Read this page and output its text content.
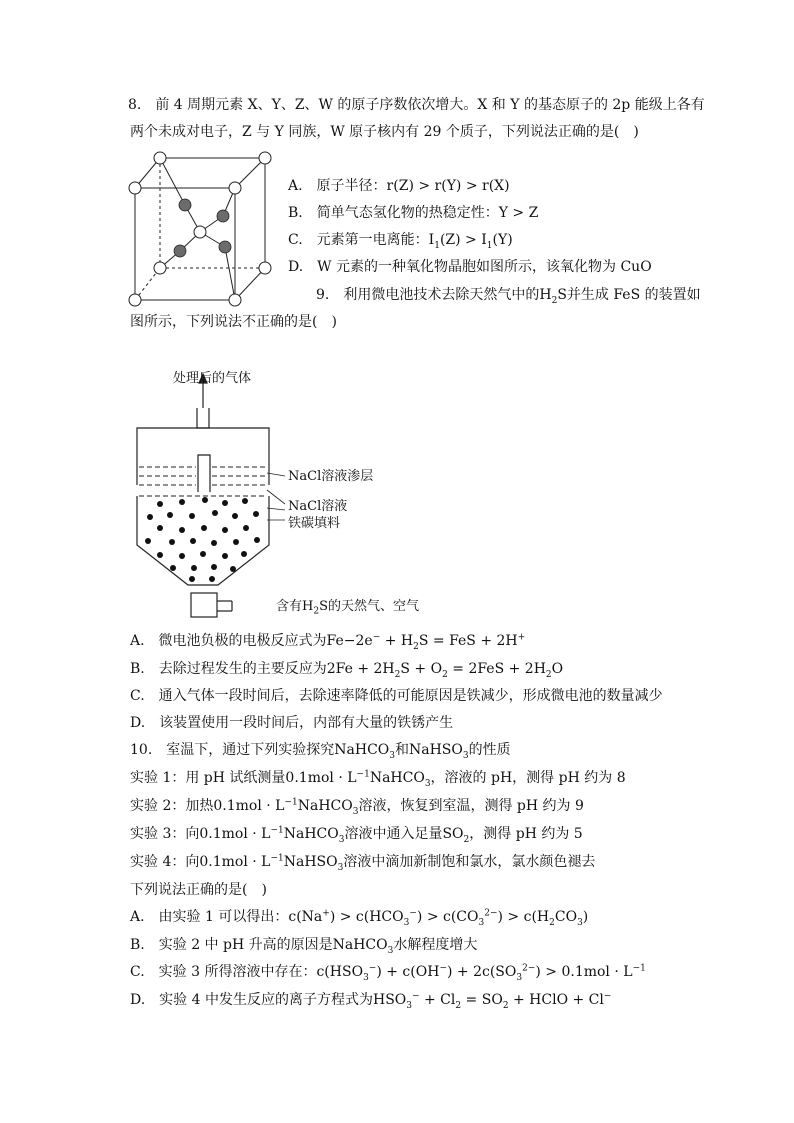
8.　前 4 周期元素 X、Y、Z、W 的原子序数依次增大。X 和 Y 的基态原子的 2p 能级上各有
两个未成对电子，Z 与 Y 同族，W 原子核内有 29 个质子，下列说法正确的是(　)
A.　原子半径：r(Z) > r(Y) > r(X)
B.　简单气态氢化物的热稳定性：Y > Z
C.　元素第一电离能：$I_1(Z) > I_1(Y)$
D.　W 元素的一种氧化物晶胞如图所示，该氧化物为 CuO
9.　利用微电池技术去除天然气中的$H_2S$并生成 FeS 的装置如
图所示，下列说法不正确的是(　)
处理后的气体
NaCl溶液渗层
NaCl溶液
铁碳填料
含有$H_2S$的天然气、空气
A.　微电池负极的电极反应式为$Fe-2e^- + H_2S$ = FeS + 2H+
B.　去除过程发生的主要反应为$2Fe + 2H_2S + O_2 = 2FeS + 2H_2O$
C.　通入气体一段时间后，去除速率降低的可能原因是铁减少，形成微电池的数量减少
D.　该装置使用一段时间后，内部有大量的铁锈产生
10.　室温下，通过下列实验探究NaHCO$_3$和NaHSO$_3$的性质
实验 1：用 pH 试纸测量$0.1mol \cdot L^{-1}NaHCO_3$，溶液的 pH，测得 pH 约为 8
实验 2：加热$0.1mol \cdot L^{-1}NaHCO_3$溶液，恢复到室温，测得 pH 约为 9
实验 3：向$0.1mol \cdot L^{-1}NaHCO_3$溶液中通入足量$SO_2$，测得 pH 约为 5
实验 4：向$0.1mol \cdot L^{-1}NaHSO_3$溶液中滴加新制饱和氯水，氯水颜色褪去
下列说法正确的是(　)
A.　由实验 1 可以得出：$c(Na^+) > c(HCO_3^-) > c(CO_3^{2-}) > c(H_2CO_3)$
B.　实验 2 中 pH 升高的原因是NaHCO$_3$水解程度增大
C.　实验 3 所得溶液中存在：$c(HSO_3^-) + c(OH^-) + 2c(SO_3^{2-}) > 0.1mol \cdot L^{-1}$
D.　实验 4 中发生反应的离子方程式为$HSO_3^- + Cl_2 = SO_2$ + HClO + Cl−
